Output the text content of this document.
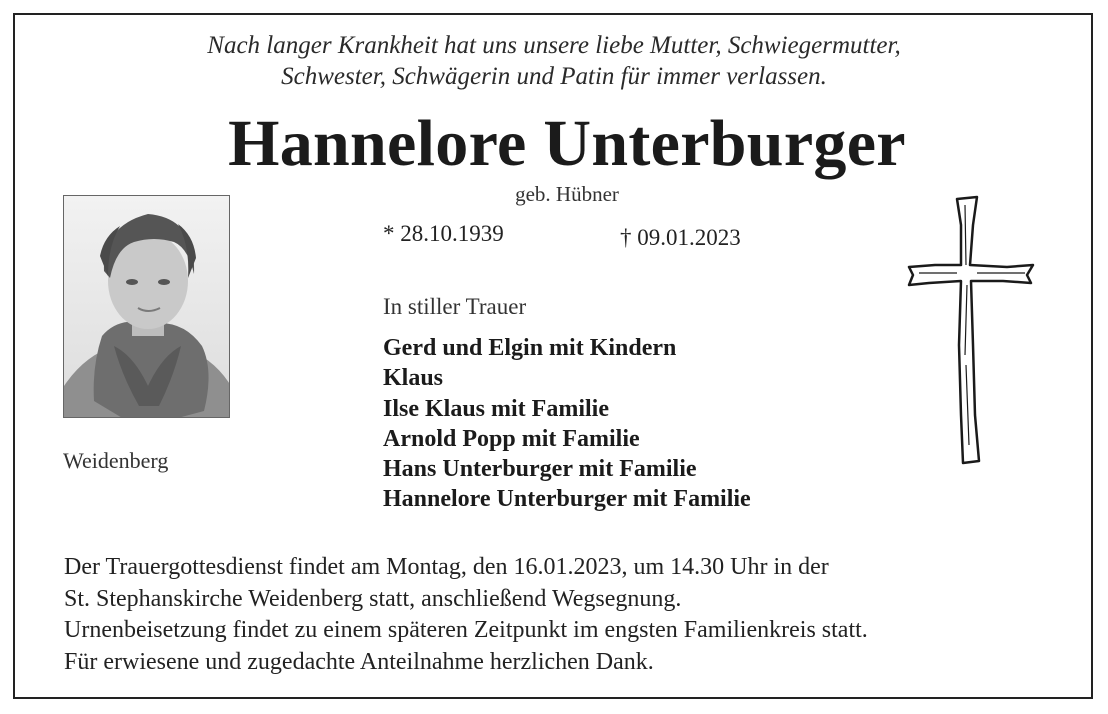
Nach langer Krankheit hat uns unsere liebe Mutter, Schwiegermutter,

Schwester, Schwägerin und Patin für immer verlassen.

Hannelore Unterburger

geb. Hübner

* 28.10.1939	† 09.01.2023

Weidenberg

In stiller Trauer

Gerd und Elgin mit Kindern
Klaus
Ilse Klaus mit Familie
Arnold Popp mit Familie
Hans Unterburger mit Familie
Hannelore Unterburger mit Familie
Der Trauergottesdienst findet am Montag, den 16.01.2023, um 14.30 Uhr in der
St. Stephanskirche Weidenberg statt, anschließend Wegsegnung.
Urnenbeisetzung findet zu einem späteren Zeitpunkt im engsten Familienkreis statt.
Für erwiesene und zugedachte Anteilnahme herzlichen Dank.
